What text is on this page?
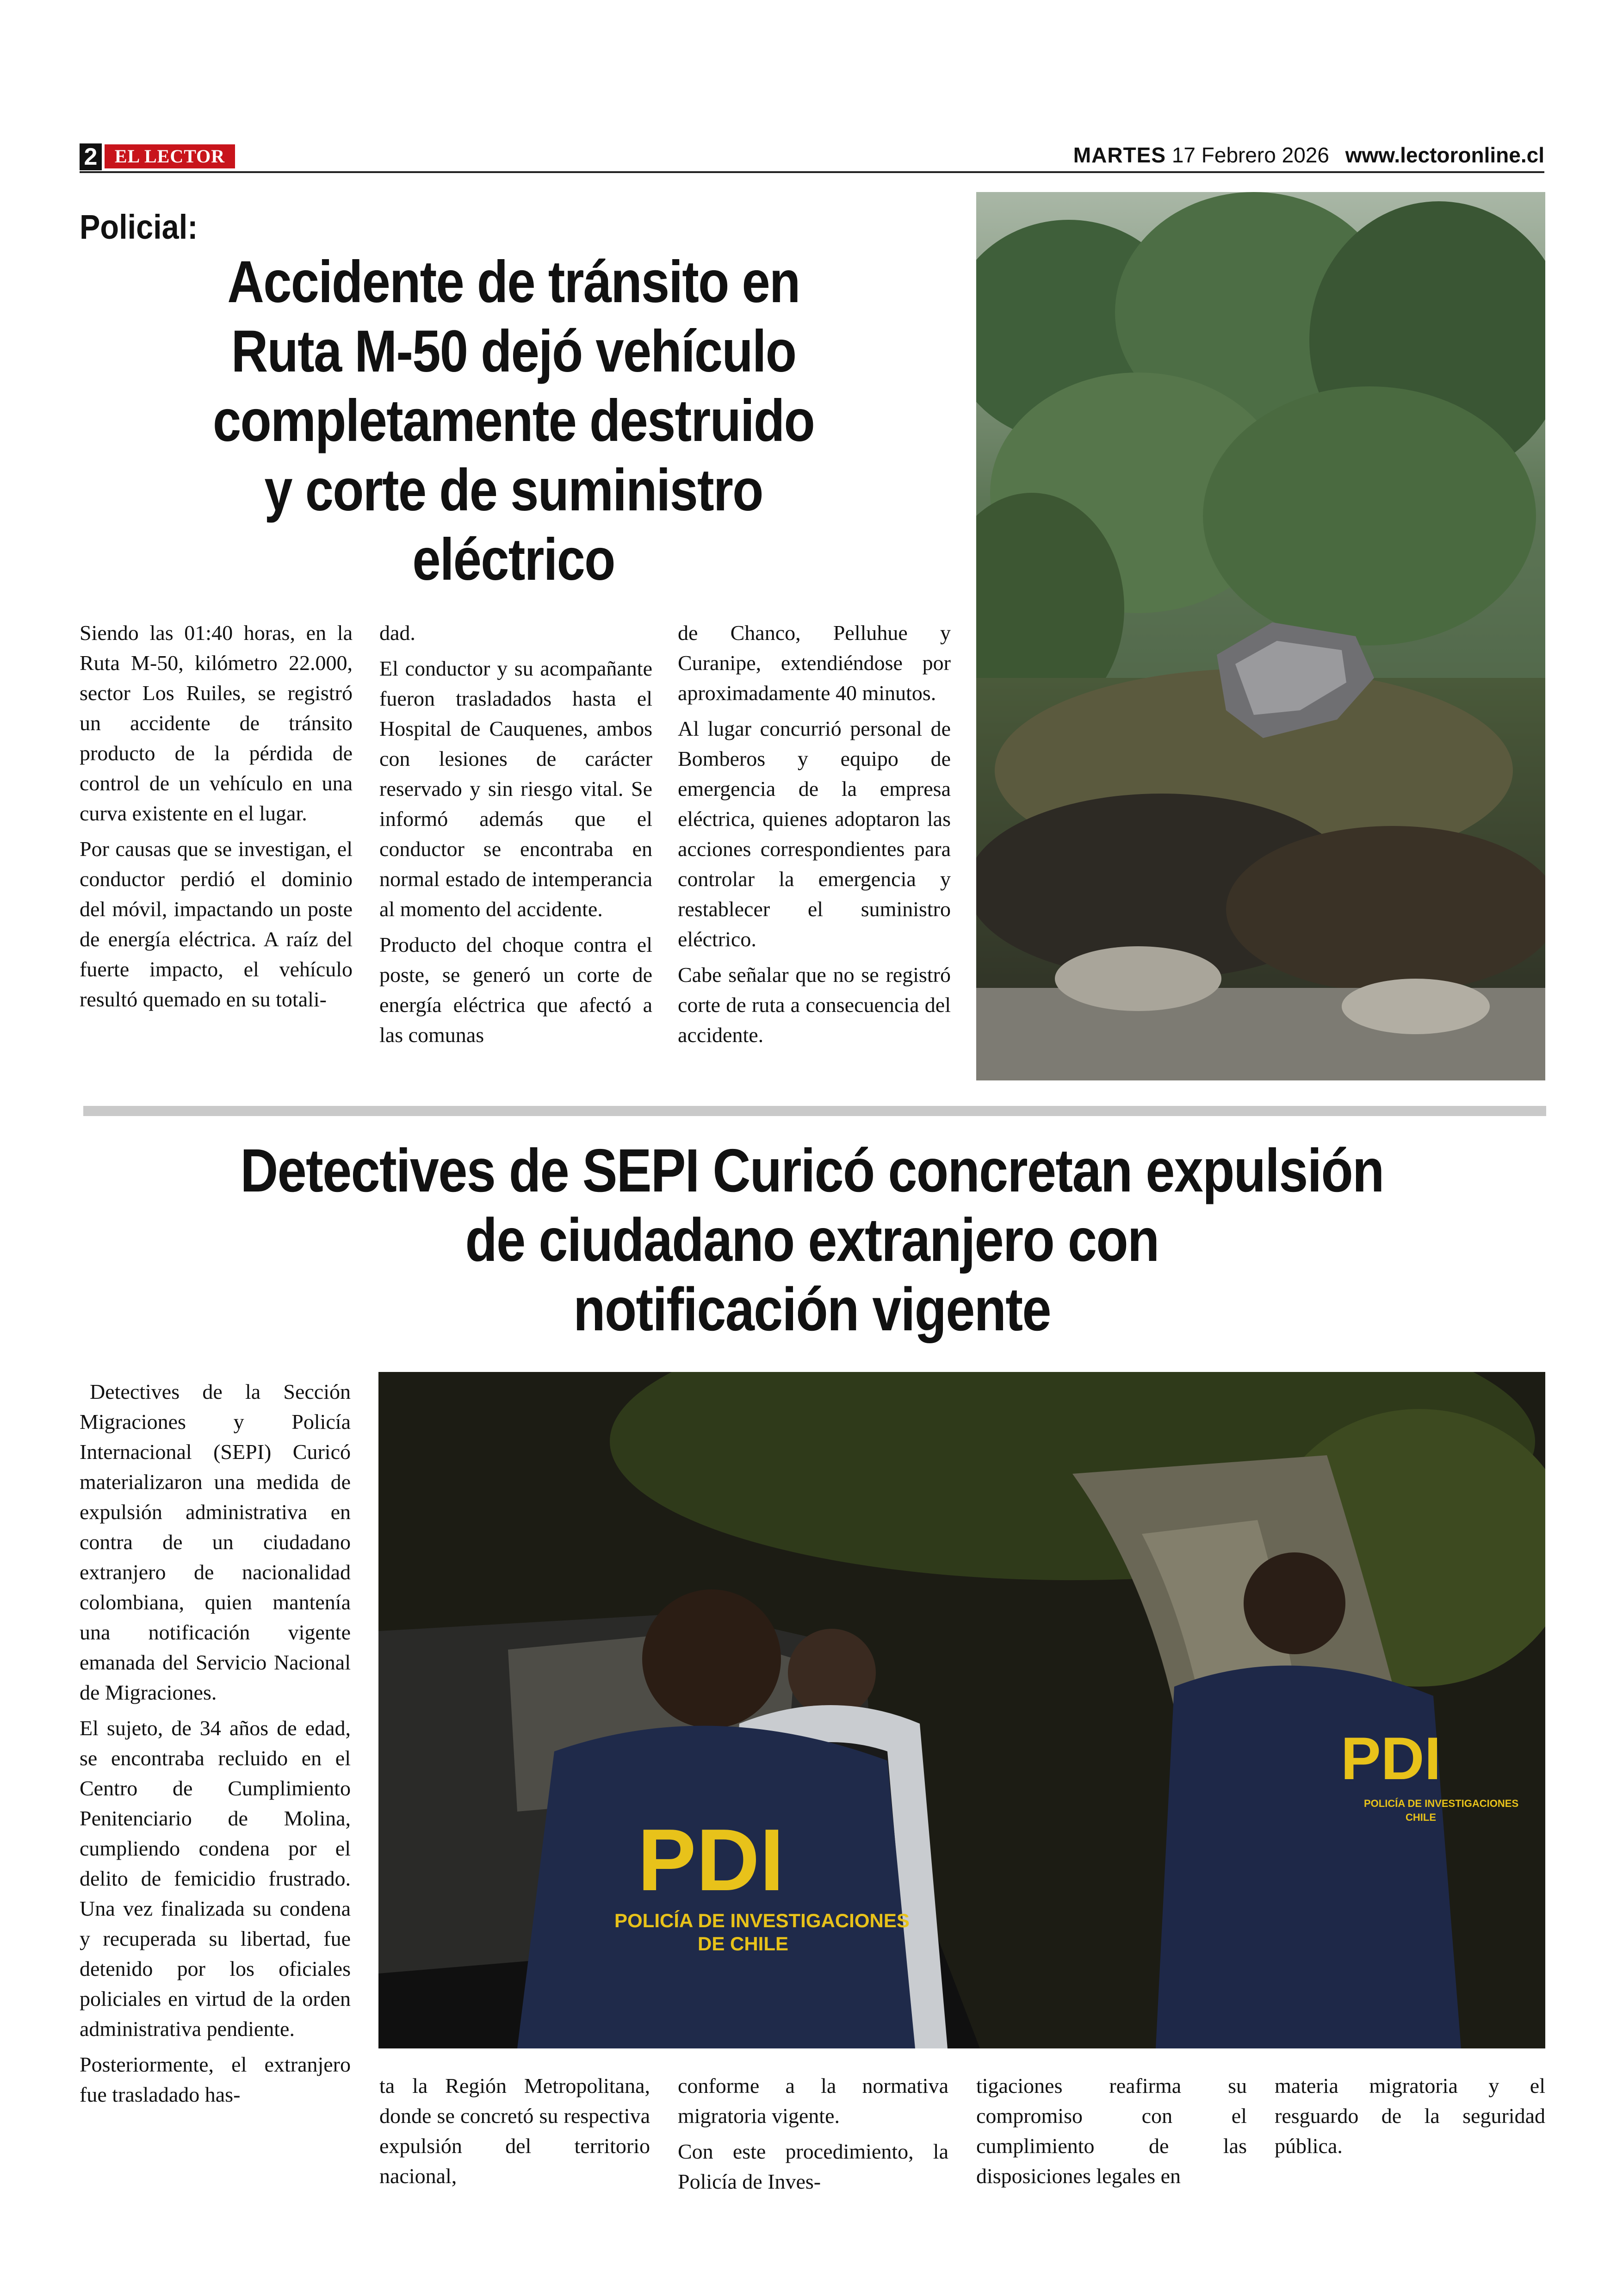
2 EL LECTOR	MARTES 17 Febrero 2026 www.lectoronline.cl
Policial:
Accidente de tránsito en
Ruta M-50 dejó vehículo
completamente destruido
y corte de suministro
eléctrico

Siendo las 01:40 horas, en la Ruta M-50, kilómetro 22.000, sector Los Ruiles, se registró un accidente de tránsito producto de la pérdida de control de un vehículo en una curva existente en el lugar.

Por causas que se investigan, el conductor perdió el dominio del móvil, impactando un poste de energía eléctrica. A raíz del fuerte impacto, el vehículo resultó quemado en su totali-

dad.

El conductor y su acompañante fueron trasladados hasta el Hospital de Cauquenes, ambos con lesiones de carácter reservado y sin riesgo vital. Se informó además que el conductor se encontraba en normal estado de intemperancia al momento del accidente.

Producto del choque contra el poste, se generó un corte de energía eléctrica que afectó a las comunas

de Chanco, Pelluhue y Curanipe, extendiéndose por aproximadamente 40 minutos.

Al lugar concurrió personal de Bomberos y equipo de emergencia de la empresa eléctrica, quienes adoptaron las acciones correspondientes para controlar la emergencia y restablecer el suministro eléctrico.

Cabe señalar que no se registró corte de ruta a consecuencia del accidente.

Detectives de SEPI Curicó concretan expulsión
de ciudadano extranjero con
notificación vigente
PDI
POLICÍA DE INVESTIGACIONES
DE CHILE
PDI
POLICÍA DE INVESTIGACIONES
CHILE

Detectives de la Sección Migraciones y Policía Internacional (SEPI) Curicó materializaron una medida de expulsión administrativa en contra de un ciudadano extranjero de nacionalidad colombiana, quien mantenía una notificación vigente emanada del Servicio Nacional de Migraciones.

El sujeto, de 34 años de edad, se encontraba recluido en el Centro de Cumplimiento Penitenciario de Molina, cumpliendo condena por el delito de femicidio frustrado. Una vez finalizada su condena y recuperada su libertad, fue detenido por los oficiales policiales en virtud de la orden administrativa pendiente.

Posteriormente, el extranjero fue trasladado has-	ta la Región Metropolitana, donde se concretó su respectiva expulsión del territorio nacional,

conforme a la normativa migratoria vigente.

Con este procedimiento, la Policía de Inves-

tigaciones reafirma su compromiso con el cumplimiento de las disposiciones legales en

materia migratoria y el resguardo de la seguridad pública.
